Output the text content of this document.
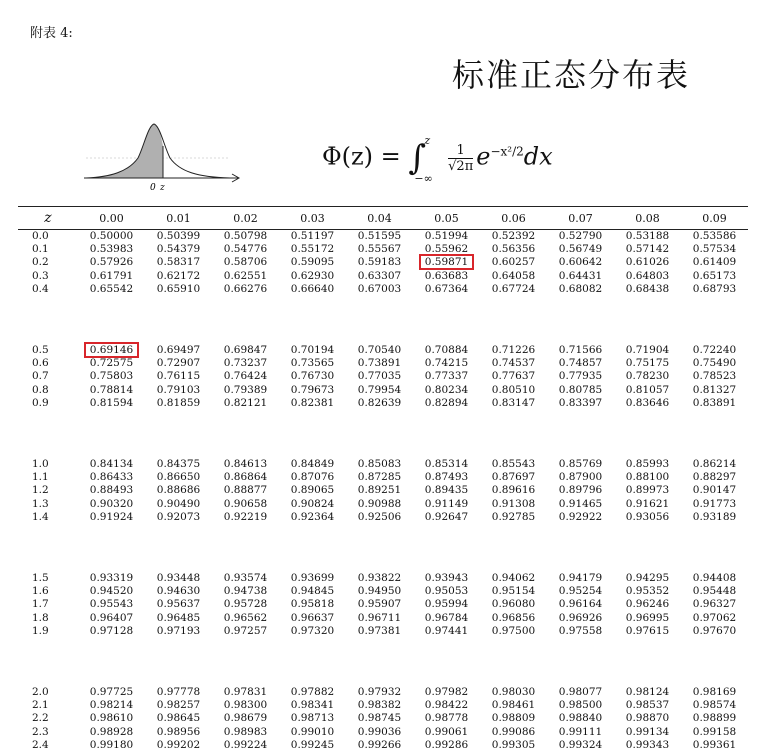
附表 4:
标准正态分布表
0 z
Φ(z) = ∫
z
−∞
$\frac{1}{√2\pi} e^{-x^2/2}dx$
z	0.00	0.01	0.02	0.03	0.04	0.05	0.06	0.07	0.08	0.09
0.0	0.50000	0.50399	0.50798	0.51197	0.51595	0.51994	0.52392	0.52790	0.53188	0.53586
0.1	0.53983	0.54379	0.54776	0.55172	0.55567	0.55962	0.56356	0.56749	0.57142	0.57534
0.2	0.57926	0.58317	0.58706	0.59095	0.59183	0.59871	0.60257	0.60642	0.61026	0.61409
0.3	0.61791	0.62172	0.62551	0.62930	0.63307	0.63683	0.64058	0.64431	0.64803	0.65173
0.4	0.65542	0.65910	0.66276	0.66640	0.67003	0.67364	0.67724	0.68082	0.68438	0.68793

0.5	0.69146	0.69497	0.69847	0.70194	0.70540	0.70884	0.71226	0.71566	0.71904	0.72240
0.6	0.72575	0.72907	0.73237	0.73565	0.73891	0.74215	0.74537	0.74857	0.75175	0.75490
0.7	0.75803	0.76115	0.76424	0.76730	0.77035	0.77337	0.77637	0.77935	0.78230	0.78523
0.8	0.78814	0.79103	0.79389	0.79673	0.79954	0.80234	0.80510	0.80785	0.81057	0.81327
0.9	0.81594	0.81859	0.82121	0.82381	0.82639	0.82894	0.83147	0.83397	0.83646	0.83891

1.0	0.84134	0.84375	0.84613	0.84849	0.85083	0.85314	0.85543	0.85769	0.85993	0.86214
1.1	0.86433	0.86650	0.86864	0.87076	0.87285	0.87493	0.87697	0.87900	0.88100	0.88297
1.2	0.88493	0.88686	0.88877	0.89065	0.89251	0.89435	0.89616	0.89796	0.89973	0.90147
1.3	0.90320	0.90490	0.90658	0.90824	0.90988	0.91149	0.91308	0.91465	0.91621	0.91773
1.4	0.91924	0.92073	0.92219	0.92364	0.92506	0.92647	0.92785	0.92922	0.93056	0.93189

1.5	0.93319	0.93448	0.93574	0.93699	0.93822	0.93943	0.94062	0.94179	0.94295	0.94408
1.6	0.94520	0.94630	0.94738	0.94845	0.94950	0.95053	0.95154	0.95254	0.95352	0.95448
1.7	0.95543	0.95637	0.95728	0.95818	0.95907	0.95994	0.96080	0.96164	0.96246	0.96327
1.8	0.96407	0.96485	0.96562	0.96637	0.96711	0.96784	0.96856	0.96926	0.96995	0.97062
1.9	0.97128	0.97193	0.97257	0.97320	0.97381	0.97441	0.97500	0.97558	0.97615	0.97670

2.0	0.97725	0.97778	0.97831	0.97882	0.97932	0.97982	0.98030	0.98077	0.98124	0.98169
2.1	0.98214	0.98257	0.98300	0.98341	0.98382	0.98422	0.98461	0.98500	0.98537	0.98574
2.2	0.98610	0.98645	0.98679	0.98713	0.98745	0.98778	0.98809	0.98840	0.98870	0.98899
2.3	0.98928	0.98956	0.98983	0.99010	0.99036	0.99061	0.99086	0.99111	0.99134	0.99158
2.4	0.99180	0.99202	0.99224	0.99245	0.99266	0.99286	0.99305	0.99324	0.99343	0.99361
